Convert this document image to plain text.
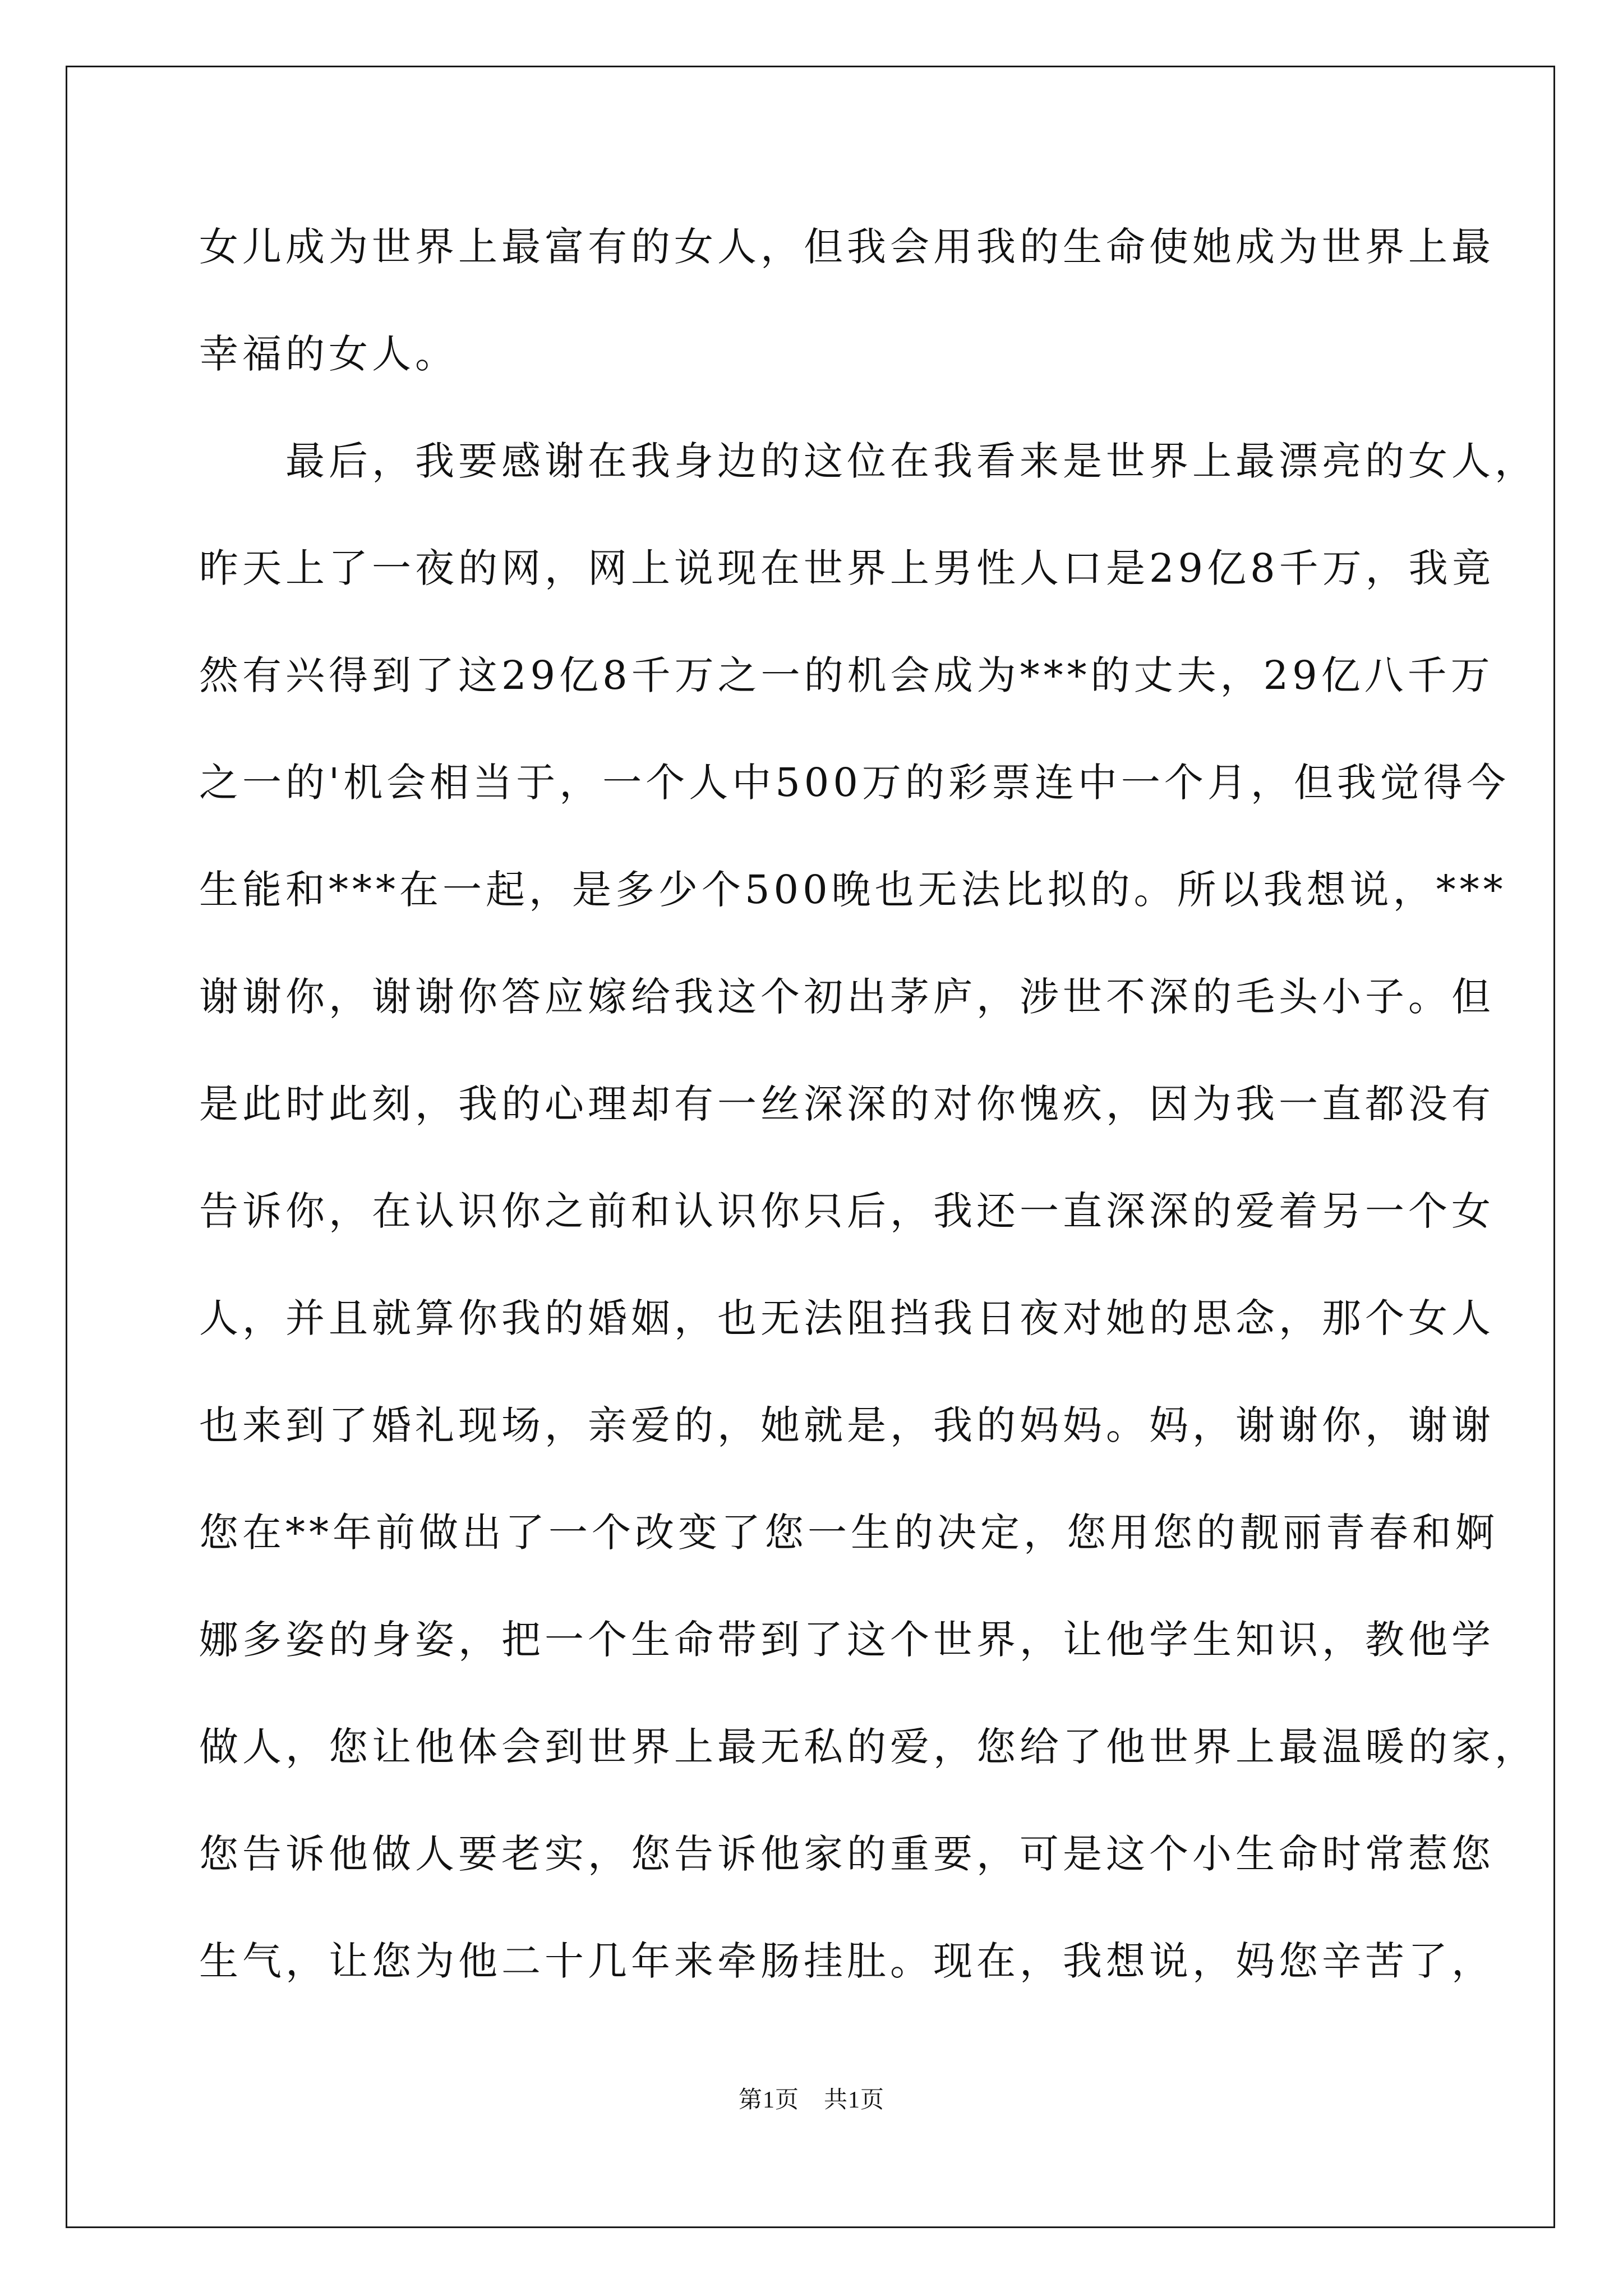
女儿成为世界上最富有的女人，但我会用我的生命使她成为世界上最
幸福的女人。
　　最后，我要感谢在我身边的这位在我看来是世界上最漂亮的女人，
昨天上了一夜的网，网上说现在世界上男性人口是29亿8千万，我竟
然有兴得到了这29亿8千万之一的机会成为***的丈夫，29亿八千万
之一的'机会相当于，一个人中500万的彩票连中一个月，但我觉得今
生能和***在一起，是多少个500晚也无法比拟的。所以我想说，***
谢谢你，谢谢你答应嫁给我这个初出茅庐，涉世不深的毛头小子。但
是此时此刻，我的心理却有一丝深深的对你愧疚，因为我一直都没有
告诉你，在认识你之前和认识你只后，我还一直深深的爱着另一个女
人，并且就算你我的婚姻，也无法阻挡我日夜对她的思念，那个女人
也来到了婚礼现场，亲爱的，她就是，我的妈妈。妈，谢谢你，谢谢
您在**年前做出了一个改变了您一生的决定，您用您的靓丽青春和婀
娜多姿的身姿，把一个生命带到了这个世界，让他学生知识，教他学
做人，您让他体会到世界上最无私的爱，您给了他世界上最温暖的家，
您告诉他做人要老实，您告诉他家的重要，可是这个小生命时常惹您
生气，让您为他二十几年来牵肠挂肚。现在，我想说，妈您辛苦了，
第1页 共1页
